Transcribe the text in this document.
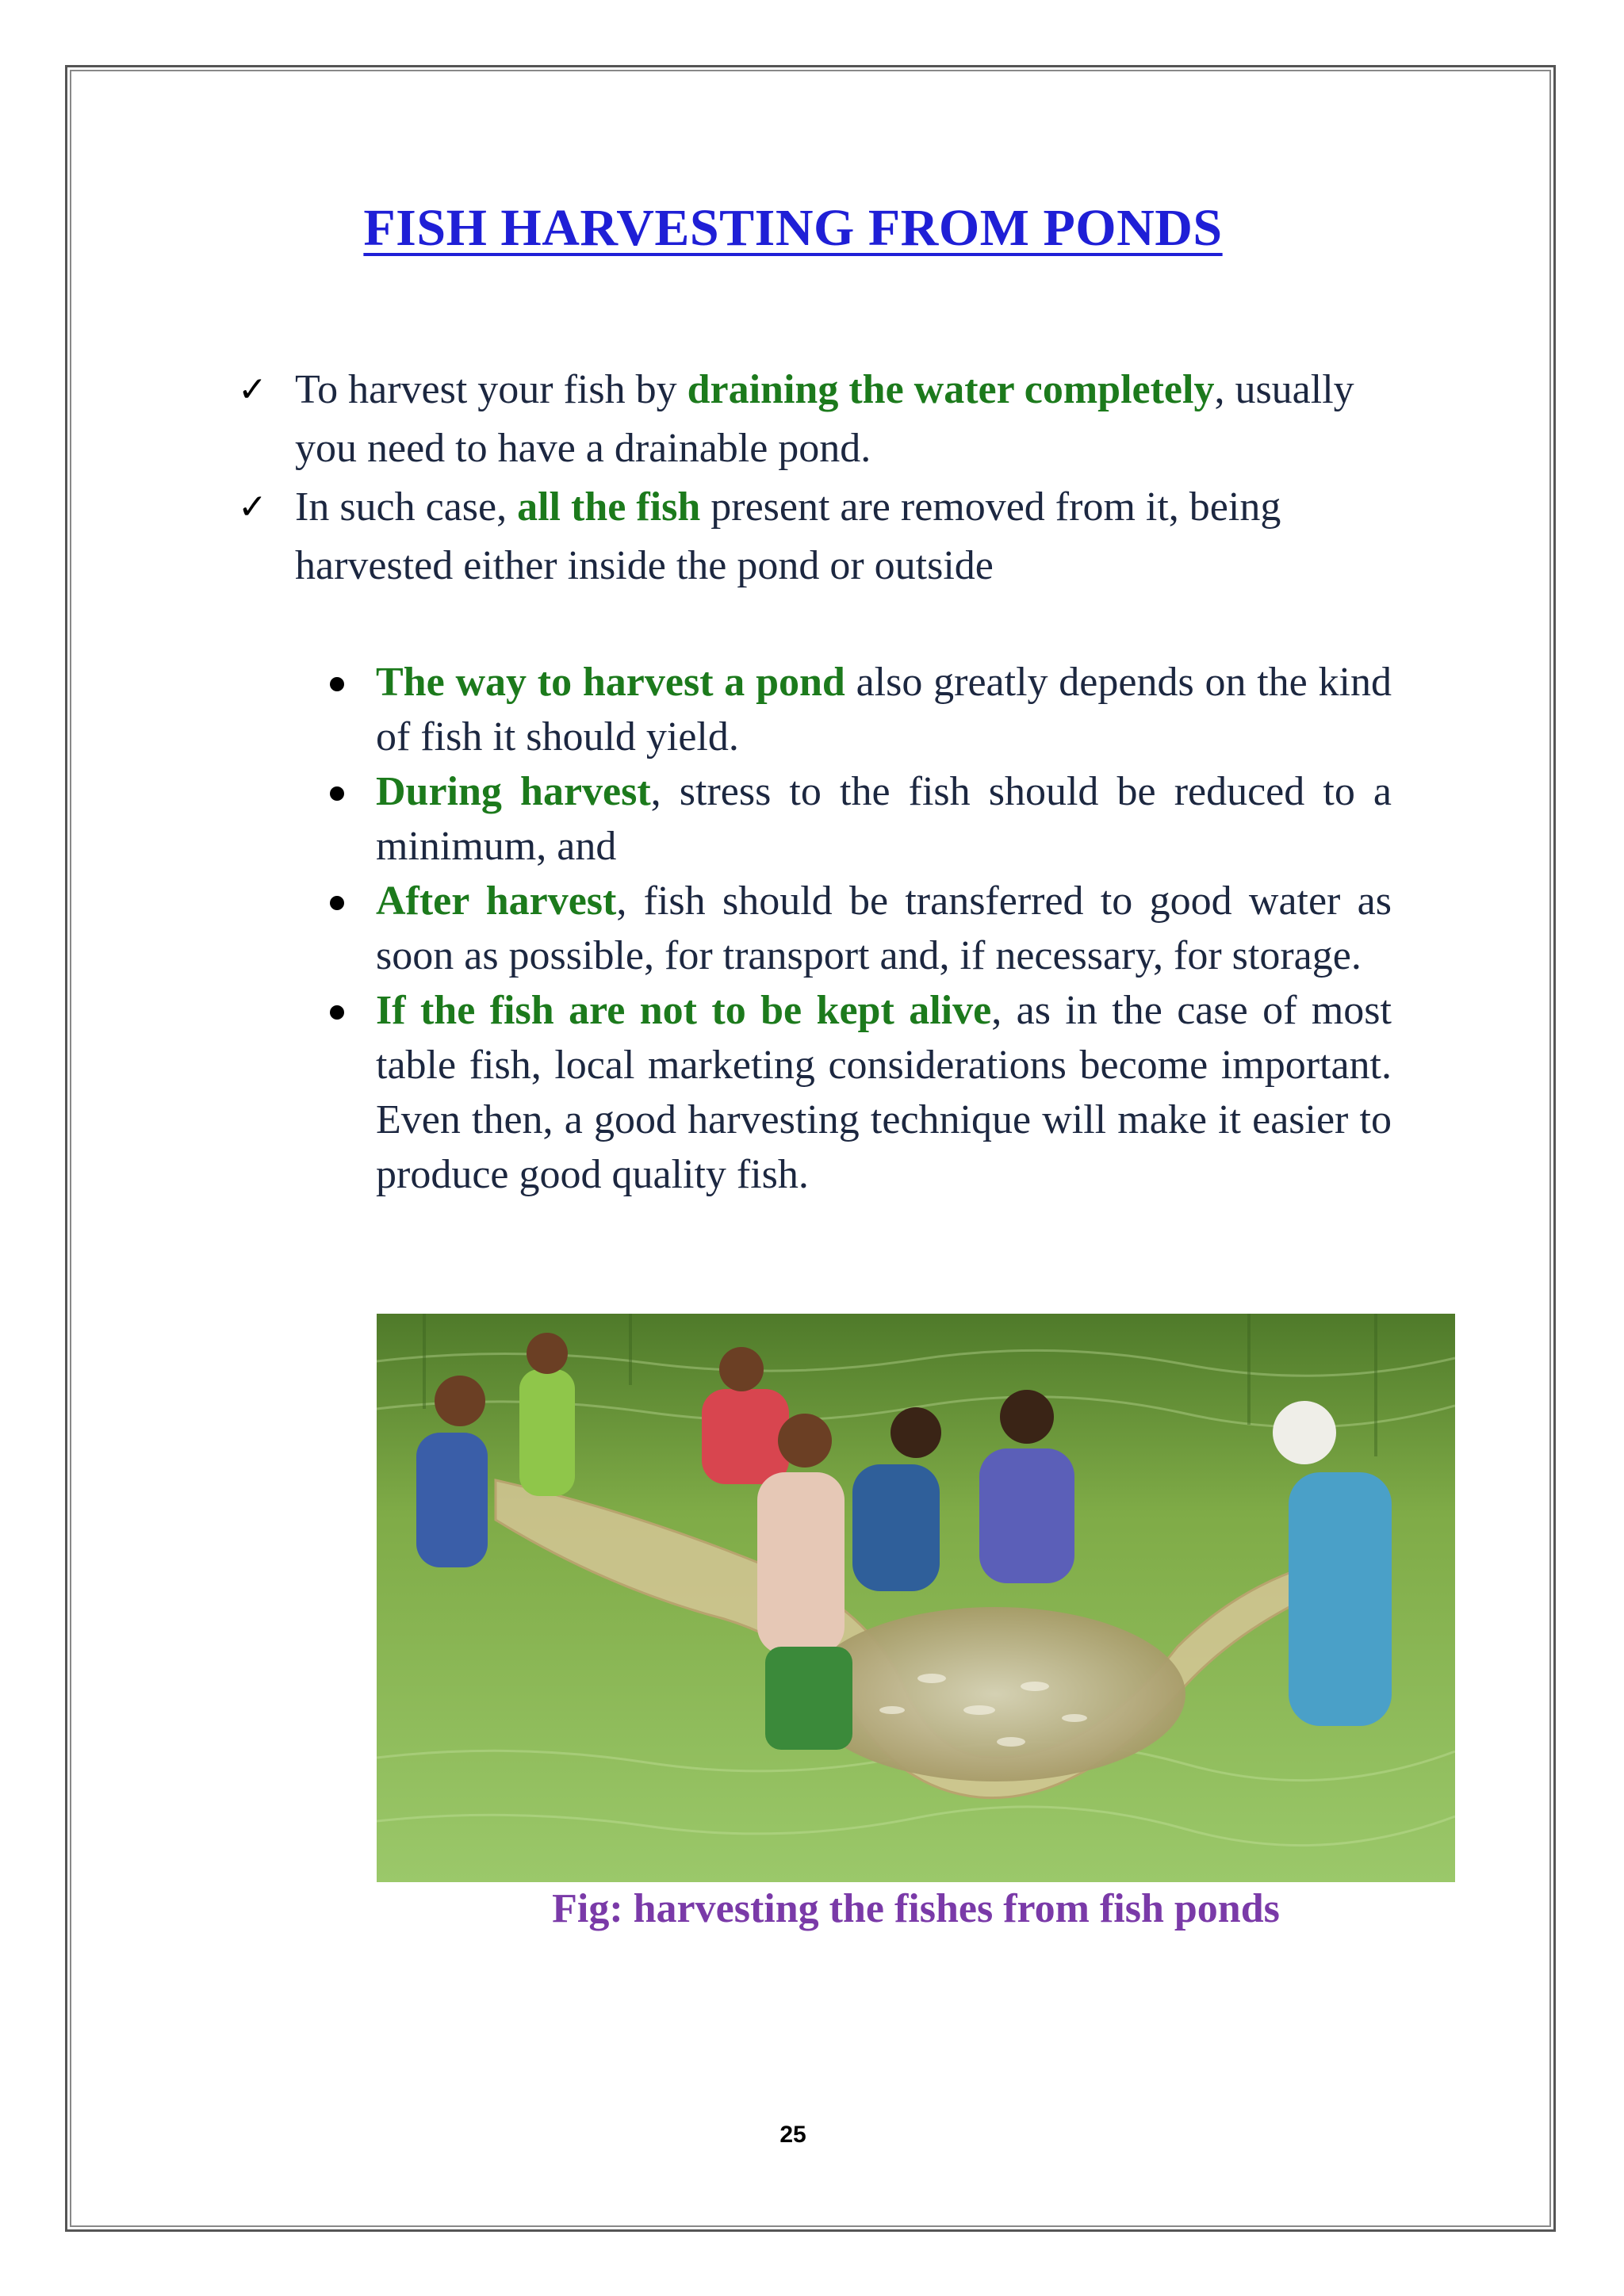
FISH HARVESTING FROM PONDS
✓ To harvest your fish by draining the water completely, usually you need to have a drainable pond.
✓ In such case, all the fish present are removed from it, being harvested either inside the pond or outside
The way to harvest a pond also greatly depends on the kind of fish it should yield.
During harvest, stress to the fish should be reduced to a minimum, and
After harvest, fish should be transferred to good water as soon as possible, for transport and, if necessary, for storage.
If the fish are not to be kept alive, as in the case of most table fish, local marketing considerations become important. Even then, a good harvesting technique will make it easier to produce good quality fish.

Fig: harvesting the fishes from fish ponds

25
